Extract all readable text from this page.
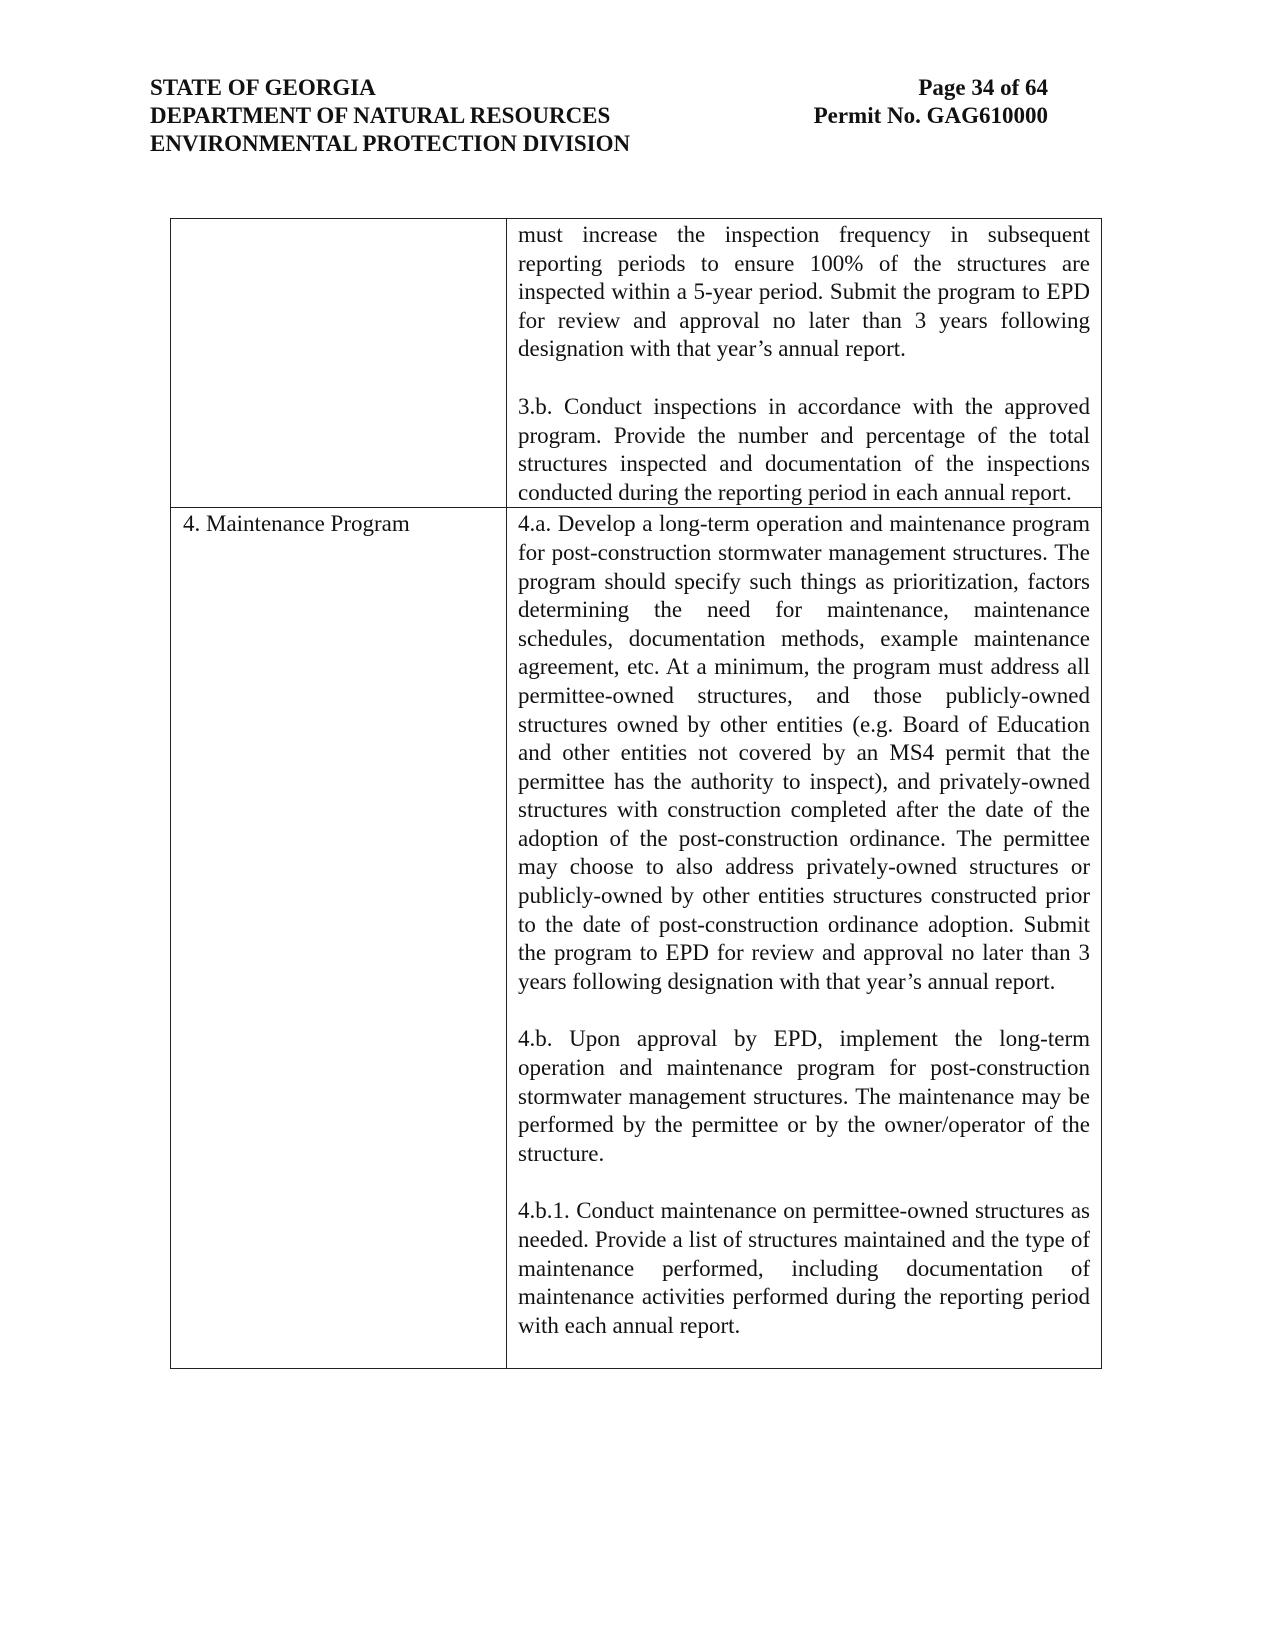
STATE OF GEORGIA
DEPARTMENT OF NATURAL RESOURCES
ENVIRONMENTAL PROTECTION DIVISION
Page 34 of 64
Permit No. GAG610000

	must increase the inspection frequency in subsequent reporting periods to ensure 100% of the structures are inspected within a 5-year period. Submit the program to EPD for review and approval no later than 3 years following designation with that year’s annual report.

3.b. Conduct inspections in accordance with the approved program. Provide the number and percentage of the total structures inspected and documentation of the inspections conducted during the reporting period in each annual report.

4. Maintenance Program	4.a. Develop a long-term operation and maintenance program for post-construction stormwater management structures. The program should specify such things as prioritization, factors determining the need for maintenance, maintenance schedules, documentation methods, example maintenance agreement, etc. At a minimum, the program must address all permittee-owned structures, and those publicly-owned structures owned by other entities (e.g. Board of Education and other entities not covered by an MS4 permit that the permittee has the authority to inspect), and privately-owned structures with construction completed after the date of the adoption of the post-construction ordinance. The permittee may choose to also address privately-owned structures or publicly-owned by other entities structures constructed prior to the date of post-construction ordinance adoption. Submit the program to EPD for review and approval no later than 3 years following designation with that year’s annual report.

4.b. Upon approval by EPD, implement the long-term operation and maintenance program for post-construction stormwater management structures. The maintenance may be performed by the permittee or by the owner/operator of the structure.

4.b.1. Conduct maintenance on permittee-owned structures as needed. Provide a list of structures maintained and the type of maintenance performed, including documentation of maintenance activities performed during the reporting period with each annual report.
